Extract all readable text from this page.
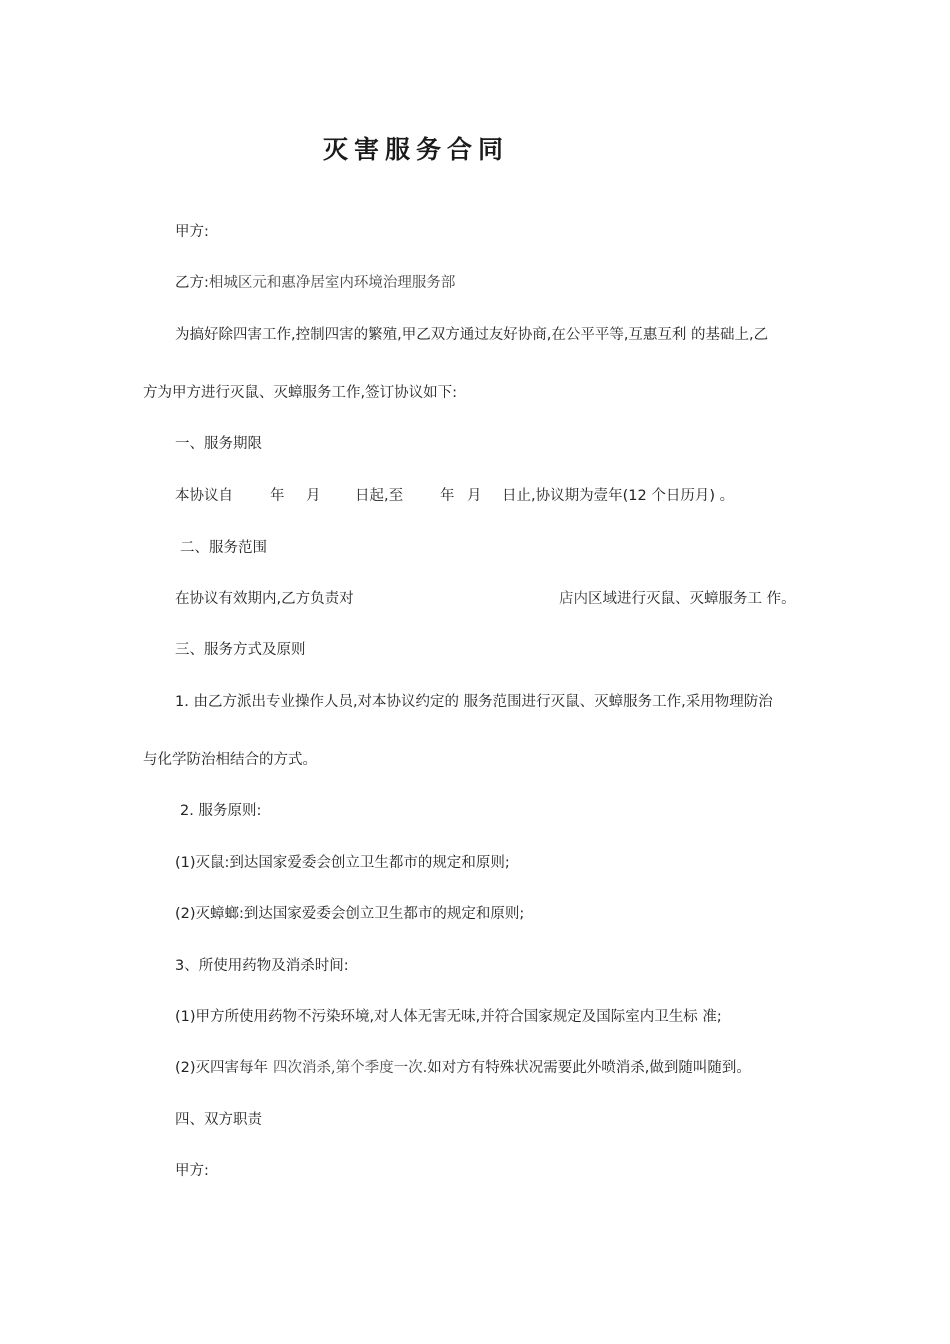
灭害服务合同
甲方:
乙方:相城区元和惠净居室内环境治理服务部
为搞好除四害工作,控制四害的繁殖,甲乙双方通过友好协商,在公平平等,互惠互利 的基础上,乙
方为甲方进行灭鼠、灭蟑服务工作,签订协议如下:
一、服务期限
本协议自	年 月 日起,至	年 月 日止,协议期为壹年(12 个日历月) 。
二、服务范围
在协议有效期内,乙方负责对	店内区域进行灭鼠、灭蟑服务工 作。
三、服务方式及原则
1. 由乙方派出专业操作人员,对本协议约定的 服务范围进行灭鼠、灭蟑服务工作,采用物理防治
与化学防治相结合的方式。
2. 服务原则:
(1)灭鼠:到达国家爱委会创立卫生都市的规定和原则;
(2)灭蟑螂:到达国家爱委会创立卫生都市的规定和原则;
3、所使用药物及消杀时间:
(1)甲方所使用药物不污染环境,对人体无害无味,并符合国家规定及国际室内卫生标 准;
(2)灭四害每年 四次消杀,第个季度一次.如对方有特殊状况需要此外喷消杀,做到随叫随到。
四、双方职责
甲方:
